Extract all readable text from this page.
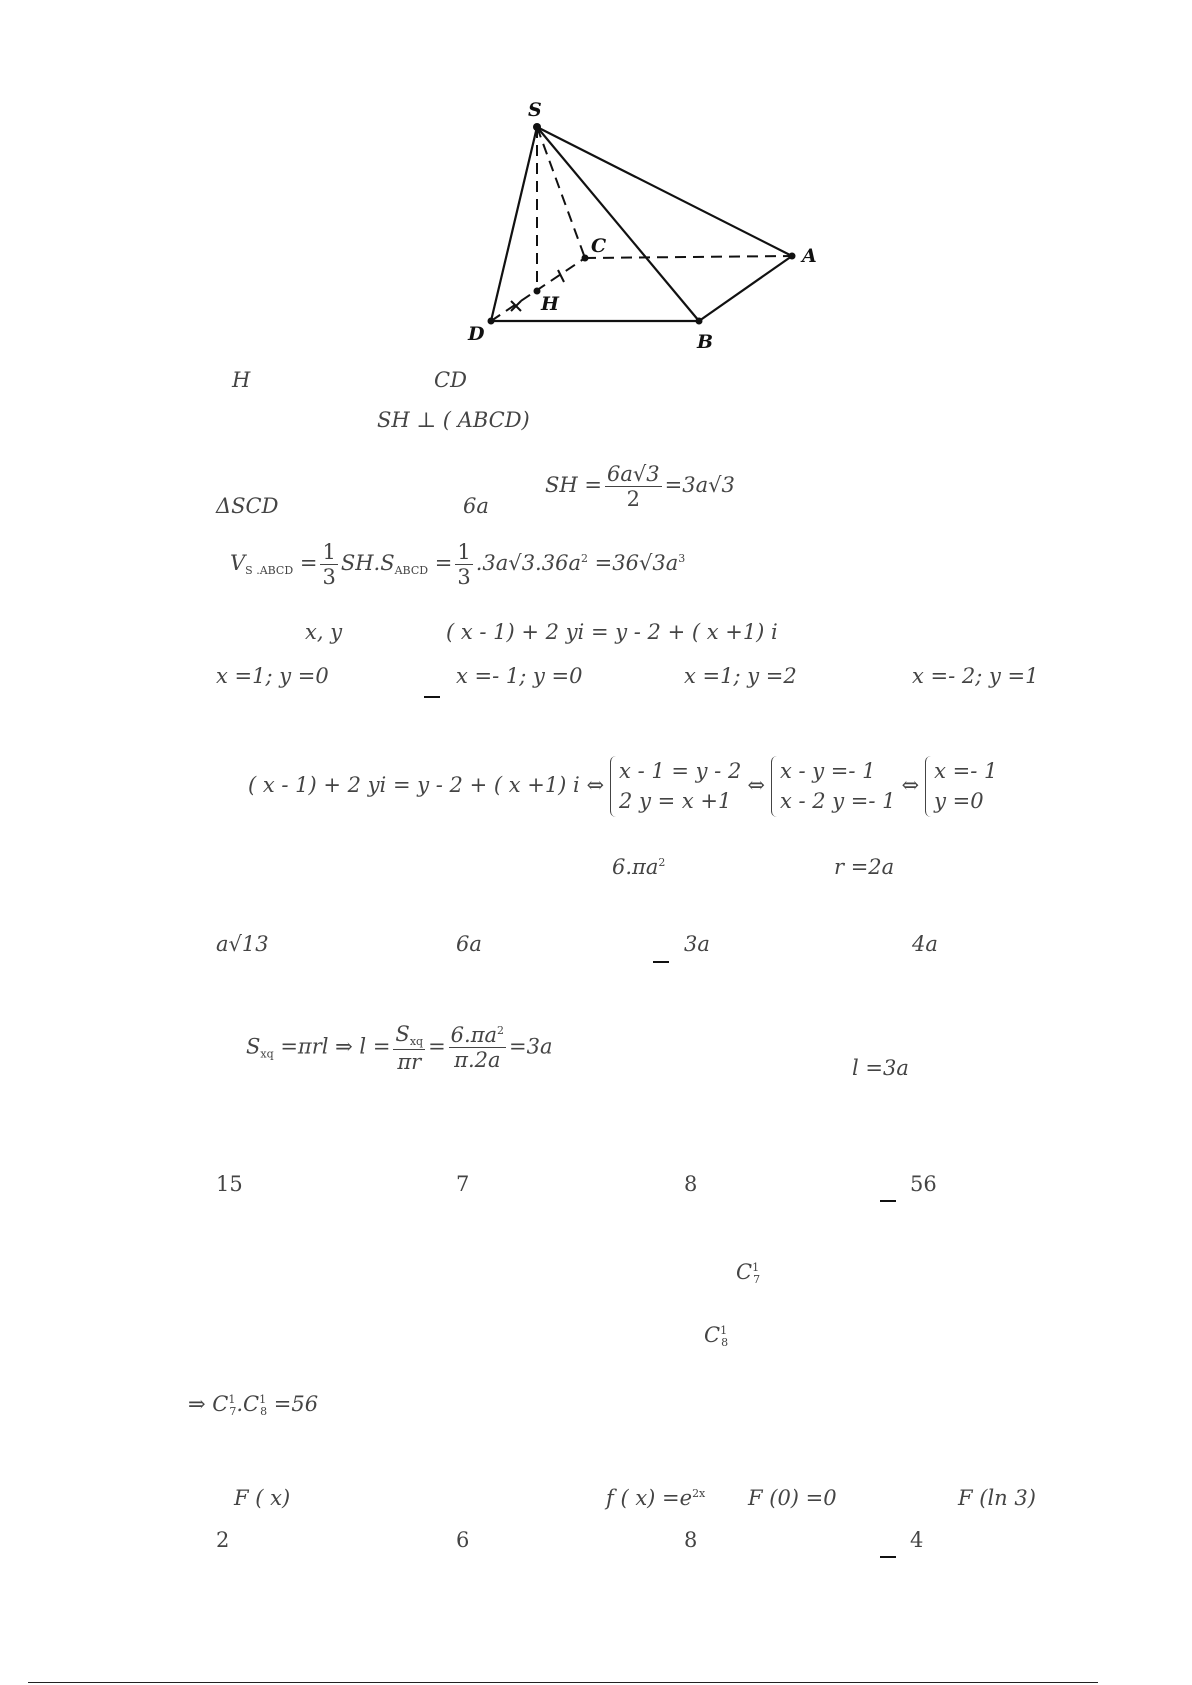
S
C	A
H
D	B
H	CD
SH ⊥ ( ABCD)
ΔSCD	6a
SH = $\frac{6a√3}{2} =3a√3$
$V_{S .ABCD} = \frac{1}{3} SH.S_{ABCD} = \frac{1}{3} .3a√3.36a^2 =36√3a^3$
x, y	( x - 1) + 2 yi = y - 2 + ( x +1) i
x =1; y =0	x =- 1; y =0	x =1; y =2	x =- 2; y =1
( x - 1) + 2 yi = y - 2 + ( x +1) i ⇔
x - 1 = y - 2
2 y = x +1
⇔
x - y =- 1
x - 2 y =- 1
⇔
x =- 1
y =0
$6.\pi a^2$	r =2a
a√13	6a	3a	4a
$S_{xq} =\pi rl$ ⇒ $l = \frac{S_{xq}}{\pi r} = \frac{6.\pi a^2}{\pi.2a} =3a$
l =3a
15	7	8	56
$C^1_7$
$C^1_8$
⇒ $C^1_7.C^1_8 =56$
F ( x)	f ( $x) =e^{2x}$ F (0) =0	F (ln 3)
2	6	8	4
